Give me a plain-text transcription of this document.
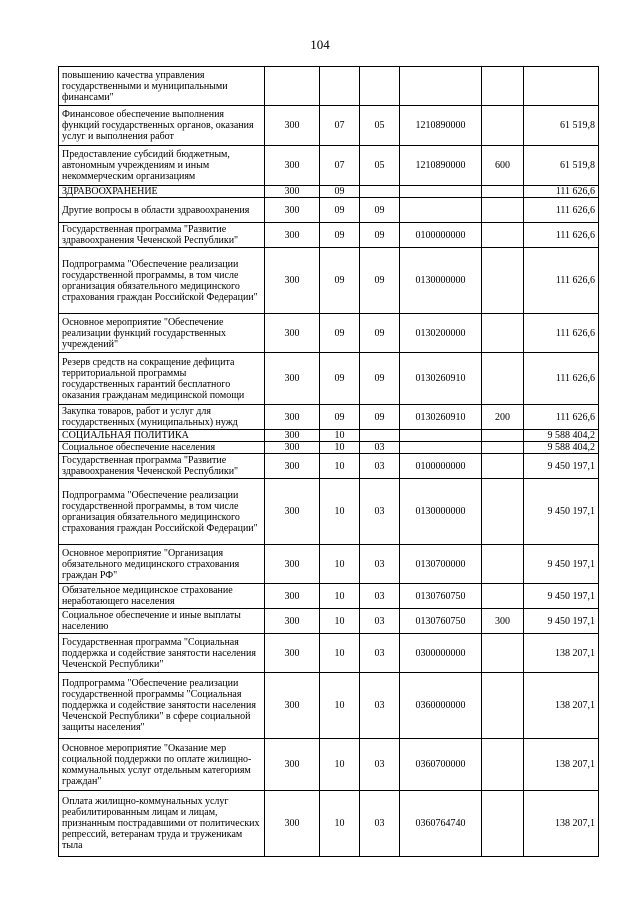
104
повышению качества управления государственными и муниципальными финансами"						
Финансовое обеспечение выполнения функций государственных органов, оказания услуг и выполнения работ	300	07	05	1210890000		61 519,8
Предоставление субсидий бюджетным, автономным учреждениям и иным некоммерческим организациям	300	07	05	1210890000	600	61 519,8
ЗДРАВООХРАНЕНИЕ	300	09				111 626,6
Другие вопросы в области здравоохранения	300	09	09			111 626,6
Государственная программа "Развитие здравоохранения Чеченской Республики"	300	09	09	0100000000		111 626,6
Подпрограмма "Обеспечение реализации государственной программы, в том числе организация обязательного медицинского страхования граждан Российской Федерации"	300	09	09	0130000000		111 626,6
Основное мероприятие "Обеспечение реализации функций государственных учреждений"	300	09	09	0130200000		111 626,6
Резерв средств на сокращение дефицита территориальной программы государственных гарантий бесплатного оказания гражданам медицинской помощи	300	09	09	0130260910		111 626,6
Закупка товаров, работ и услуг для государственных (муниципальных) нужд	300	09	09	0130260910	200	111 626,6
СОЦИАЛЬНАЯ ПОЛИТИКА	300	10				9 588 404,2
Социальное обеспечение населения	300	10	03			9 588 404,2
Государственная программа "Развитие здравоохранения Чеченской Республики"	300	10	03	0100000000		9 450 197,1
Подпрограмма "Обеспечение реализации государственной программы, в том числе организация обязательного медицинского страхования граждан Российской Федерации"	300	10	03	0130000000		9 450 197,1
Основное мероприятие "Организация обязательного медицинского страхования граждан РФ"	300	10	03	0130700000		9 450 197,1
Обязательное медицинское страхование неработающего населения	300	10	03	0130760750		9 450 197,1
Социальное обеспечение и иные выплаты населению	300	10	03	0130760750	300	9 450 197,1
Государственная программа "Социальная поддержка и содействие занятости населения Чеченской Республики"	300	10	03	0300000000		138 207,1
Подпрограмма "Обеспечение реализации государственной программы "Социальная поддержка и содействие занятости населения Чеченской Республики" в сфере социальной защиты населения"	300	10	03	0360000000		138 207,1
Основное мероприятие "Оказание мер социальной поддержки по оплате жилищно-коммунальных услуг отдельным категориям граждан"	300	10	03	0360700000		138 207,1
Оплата жилищно-коммунальных услуг реабилитированным лицам и лицам, признанным пострадавшими от политических репрессий, ветеранам труда и труженикам тыла	300	10	03	0360764740		138 207,1
